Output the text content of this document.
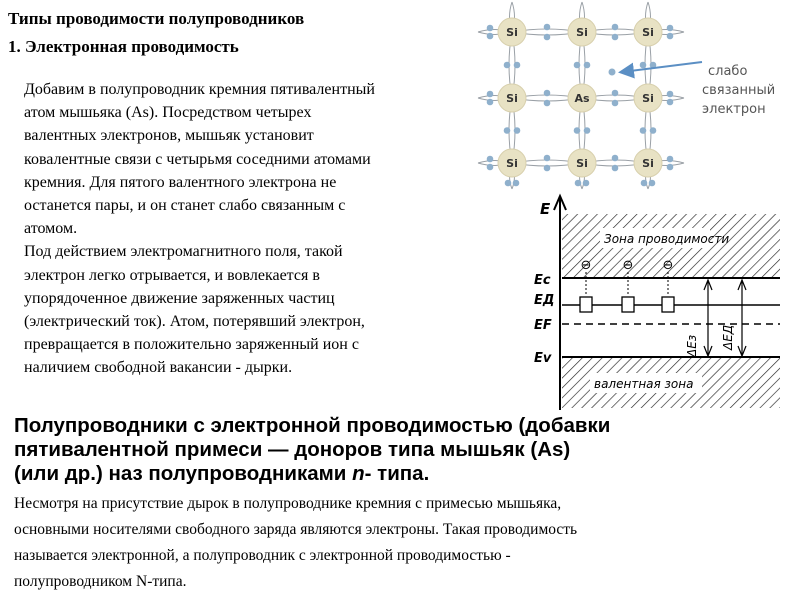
Типы проводимости полупроводников
1. Электронная проводимость

Добавим в полупроводник кремния пятивалентный

атом мышьяка (As). Посредством четырех

валентных электронов, мышьяк установит

ковалентные связи с четырьмя соседними атомами

кремния. Для пятого валентного электрона не

останется пары, и он станет слабо связанным с

атомом.

Под действием электромагнитного поля, такой

электрон легко отрывается, и вовлекается в

упорядоченное движение заряженных частиц

(электрический ток). Атом, потерявший электрон,

превращается в положительно заряженный ион с

наличием свободной вакансии - дырки.

Si	Si	Si
Si	As	Si
Si	Si	Si
слабо
связанный
электрон
E
Зона проводимости
валентная зона
⊖ ⊖ ⊖
Ec
EД
EF
Ev
ΔEз ΔEД
Полупроводники с электронной проводимостью (добавки
пятивалентной примеси — доноров типа мышьяк (As)
(или др.) наз полупроводниками n- типа.
Несмотря на присутствие дырок в полупроводнике кремния с примесью мышьяка,
основными носителями свободного заряда являются электроны. Такая проводимость
называется электронной, а полупроводник с электронной проводимостью -
полупроводником N-типа.
